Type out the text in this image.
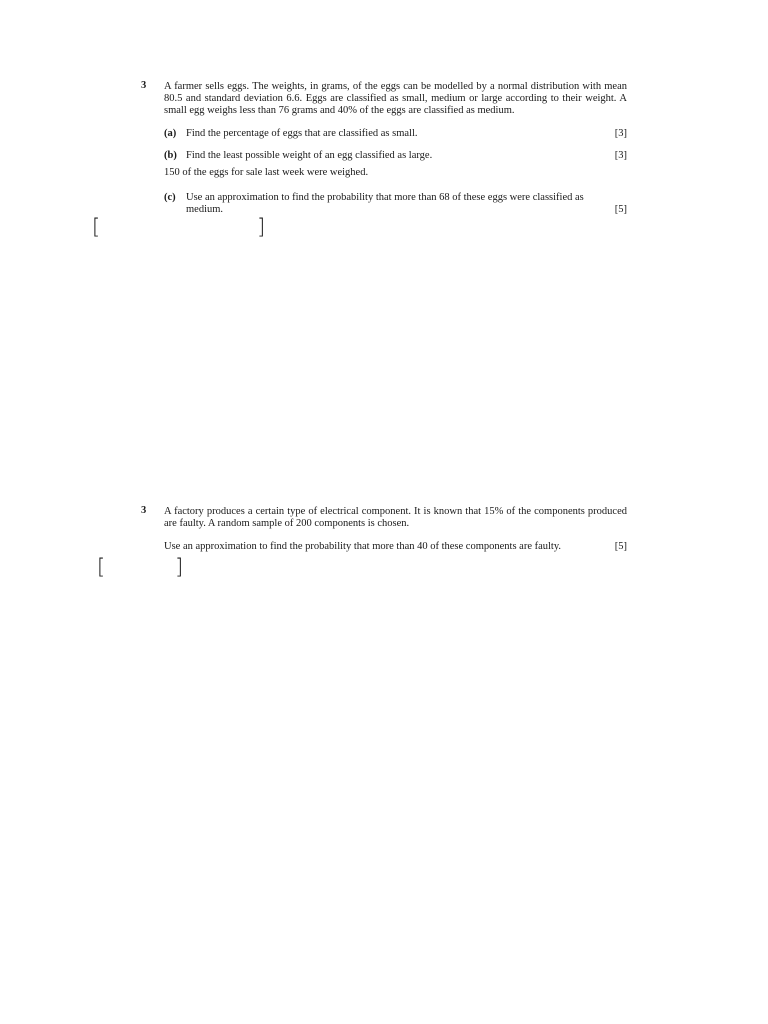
3 A farmer sells eggs. The weights, in grams, of the eggs can be modelled by a normal distribution with mean 80.5 and standard deviation 6.6. Eggs are classified as small, medium or large according to their weight. A small egg weighs less than 76 grams and 40% of the eggs are classified as medium.
(a) Find the percentage of eggs that are classified as small.	[3]
(b) Find the least possible weight of an egg classified as large.	[3]
150 of the eggs for sale last week were weighed.
(c) Use an approximation to find the probability that more than 68 of these eggs were classified as
medium.	[5]
[	]
3 A factory produces a certain type of electrical component. It is known that 15% of the components produced are faulty. A random sample of 200 components is chosen.
Use an approximation to find the probability that more than 40 of these components are faulty.	[5]
[	]
